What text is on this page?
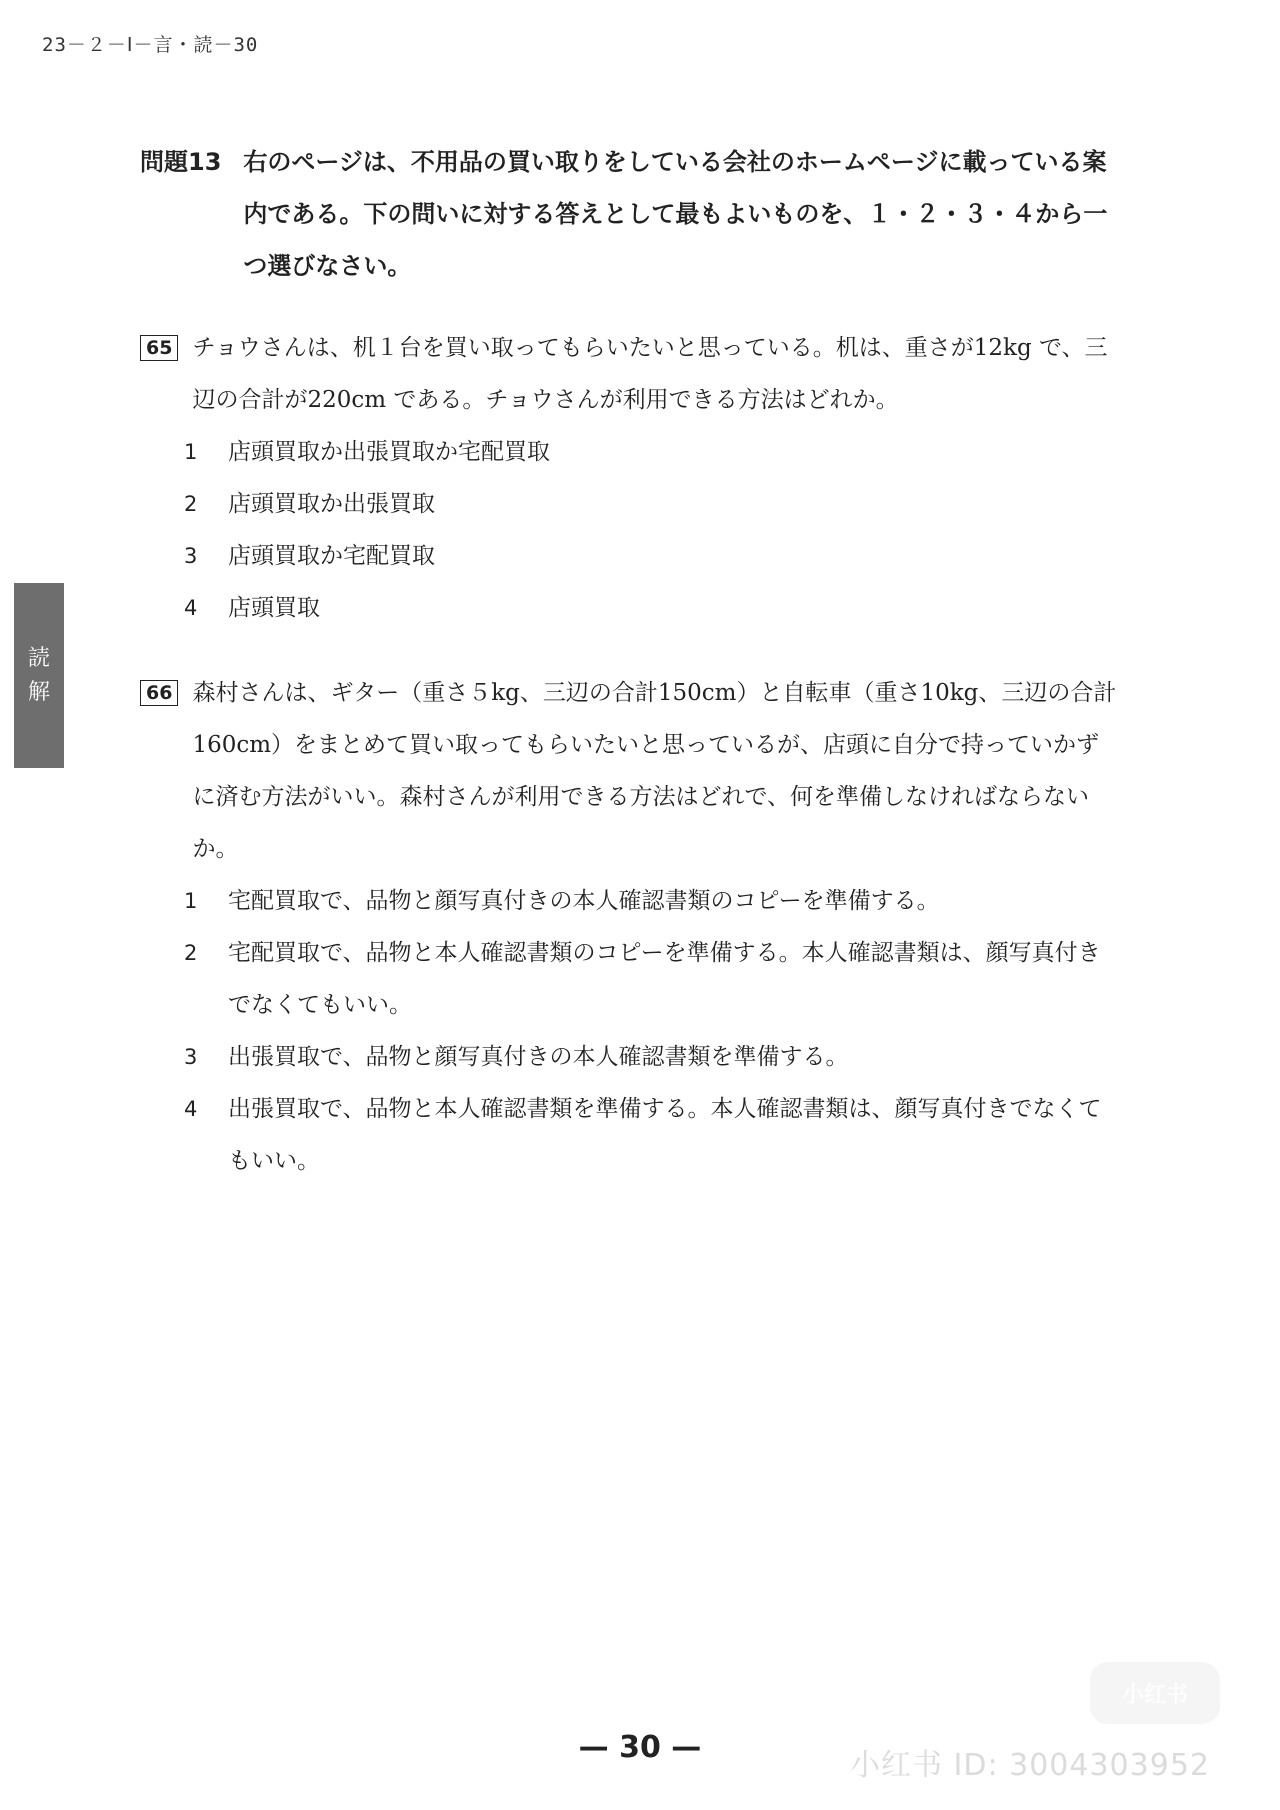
23－２－Ⅰ－言・読－30
読
解
問題13 右のページは、不用品の買い取りをしている会社のホームページに載っている案内である。下の問いに対する答えとして最もよいものを、１・２・３・４から一つ選びなさい。
65 チョウさんは、机１台を買い取ってもらいたいと思っている。机は、重さが12kg で、三辺の合計が220cm である。チョウさんが利用できる方法はどれか。
1	店頭買取か出張買取か宅配買取
2	店頭買取か出張買取
3	店頭買取か宅配買取
4	店頭買取
66 森村さんは、ギター（重さ５kg、三辺の合計150cm）と自転車（重さ10kg、三辺の合計160cm）をまとめて買い取ってもらいたいと思っているが、店頭に自分で持っていかずに済む方法がいい。森村さんが利用できる方法はどれで、何を準備しなければならないか。
1	宅配買取で、品物と顔写真付きの本人確認書類のコピーを準備する。
2	宅配買取で、品物と本人確認書類のコピーを準備する。本人確認書類は、顔写真付きでなくてもいい。
3	出張買取で、品物と顔写真付きの本人確認書類を準備する。
4	出張買取で、品物と本人確認書類を準備する。本人確認書類は、顔写真付きでなくてもいい。
小红书
— 30 —
小红书 ID: 3004303952
